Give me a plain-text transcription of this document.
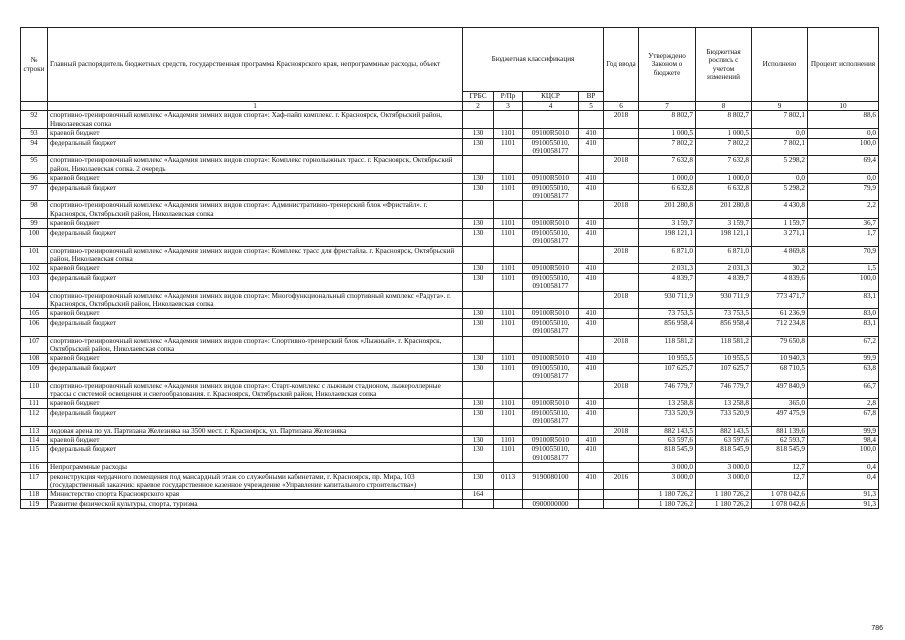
№ строки	Главный распорядитель бюджетных средств, государственная программа Красноярского края, непрограммные расходы, объект	Бюджетная классификация				Год ввода	Утверждено Законом о бюджете	Бюджетная роспись с учетом изменений	Исполнено	Процент исполнения
		ГРБС	Р/Пр	КЦСР	ВР					
	1	2	3	4	5	6	7	8	9	10
92	спортивно-тренировочный комплекс «Академия зимних видов спорта»: Хаф-пайп комплекс. г. Красноярск, Октябрьский район, Николаевская сопка					2018	8 802,7	8 802,7	7 802,1	88,6
93	краевой бюджет	130	1101	09100R5010	410		1 000,5	1 000,5	0,0	0,0
94	федеральный бюджет	130	1101	0910055010, 0910058177	410		7 802,2	7 802,2	7 802,1	100,0
95	спортивно-тренировочный комплекс «Академия зимних видов спорта»: Комплекс горнолыжных трасс. г. Красноярск, Октябрьский район, Николаевская сопка. 2 очередь					2018	7 632,8	7 632,8	5 298,2	69,4
96	краевой бюджет	130	1101	09100R5010	410		1 000,0	1 000,0	0,0	0,0
97	федеральный бюджет	130	1101	0910055010, 0910058177	410		6 632,8	6 632,8	5 298,2	79,9
98	спортивно-тренировочный комплекс «Академия зимних видов спорта»: Административно-тренерский блок «Фристайл». г. Красноярск, Октябрьский район, Николаевская сопка					2018	201 280,8	201 280,8	4 430,8	2,2
99	краевой бюджет	130	1101	09100R5010	410		3 159,7	3 159,7	1 159,7	36,7
100	федеральный бюджет	130	1101	0910055010, 0910058177	410		198 121,1	198 121,1	3 271,1	1,7
101	спортивно-тренировочный комплекс «Академия зимних видов спорта»: Комплекс трасс для фристайла. г. Красноярск, Октябрьский район, Николаевская сопка					2018	6 871,0	6 871,0	4 869,8	70,9
102	краевой бюджет	130	1101	09100R5010	410		2 031,3	2 031,3	30,2	1,5
103	федеральный бюджет	130	1101	0910055010, 0910058177	410		4 839,7	4 839,7	4 839,6	100,0
104	спортивно-тренировочный комплекс «Академия зимних видов спорта»: Многофункциональный спортивный комплекс «Радуга». г. Красноярск, Октябрьский район, Николаевская сопка					2018	930 711,9	930 711,9	773 471,7	83,1
105	краевой бюджет	130	1101	09100R5010	410		73 753,5	73 753,5	61 236,9	83,0
106	федеральный бюджет	130	1101	0910055010, 0910058177	410		856 958,4	856 958,4	712 234,8	83,1
107	спортивно-тренировочный комплекс «Академия зимних видов спорта»: Спортивно-тренерский блок «Лыжный». г. Красноярск, Октябрьский район, Николаевская сопка					2018	118 581,2	118 581,2	79 650,8	67,2
108	краевой бюджет	130	1101	09100R5010	410		10 955,5	10 955,5	10 940,3	99,9
109	федеральный бюджет	130	1101	0910055010, 0910058177	410		107 625,7	107 625,7	68 710,5	63,8
110	спортивно-тренировочный комплекс «Академия зимних видов спорта»: Старт-комплекс с лыжным стадионом, лыжероллерные трассы с системой освещения и снегообразования. г. Красноярск, Октябрьский район, Николаевская сопка					2018	746 779,7	746 779,7	497 840,9	66,7
111	краевой бюджет	130	1101	09100R5010	410		13 258,8	13 258,8	365,0	2,8
112	федеральный бюджет	130	1101	0910055010, 0910058177	410		733 520,9	733 520,9	497 475,9	67,8
113	ледовая арена по ул. Партизана Железняка на 3500 мест. г. Красноярск, ул. Партизана Железняка					2018	882 143,5	882 143,5	881 139,6	99,9
114	краевой бюджет	130	1101	09100R5010	410		63 597,6	63 597,6	62 593,7	98,4
115	федеральный бюджет	130	1101	0910055010, 0910058177	410		818 545,9	818 545,9	818 545,9	100,0
116	Непрограммные расходы						3 000,0	3 000,0	12,7	0,4
117	реконструкция чердачного помещения под мансардный этаж со служебными кабинетами, г. Красноярск, пр. Мира, 103 (государственный заказчик: краевое государственное казенное учреждение «Управление капитального строительства»)	130	0113	9190080100	410	2016	3 000,0	3 000,0	12,7	0,4
118	Министерство спорта Красноярского края	164					1 180 726,2	1 180 726,2	1 078 042,6	91,3
119	Развитие физической культуры, спорта, туризма			0900000000			1 180 726,2	1 180 726,2	1 078 042,6	91,3
786
